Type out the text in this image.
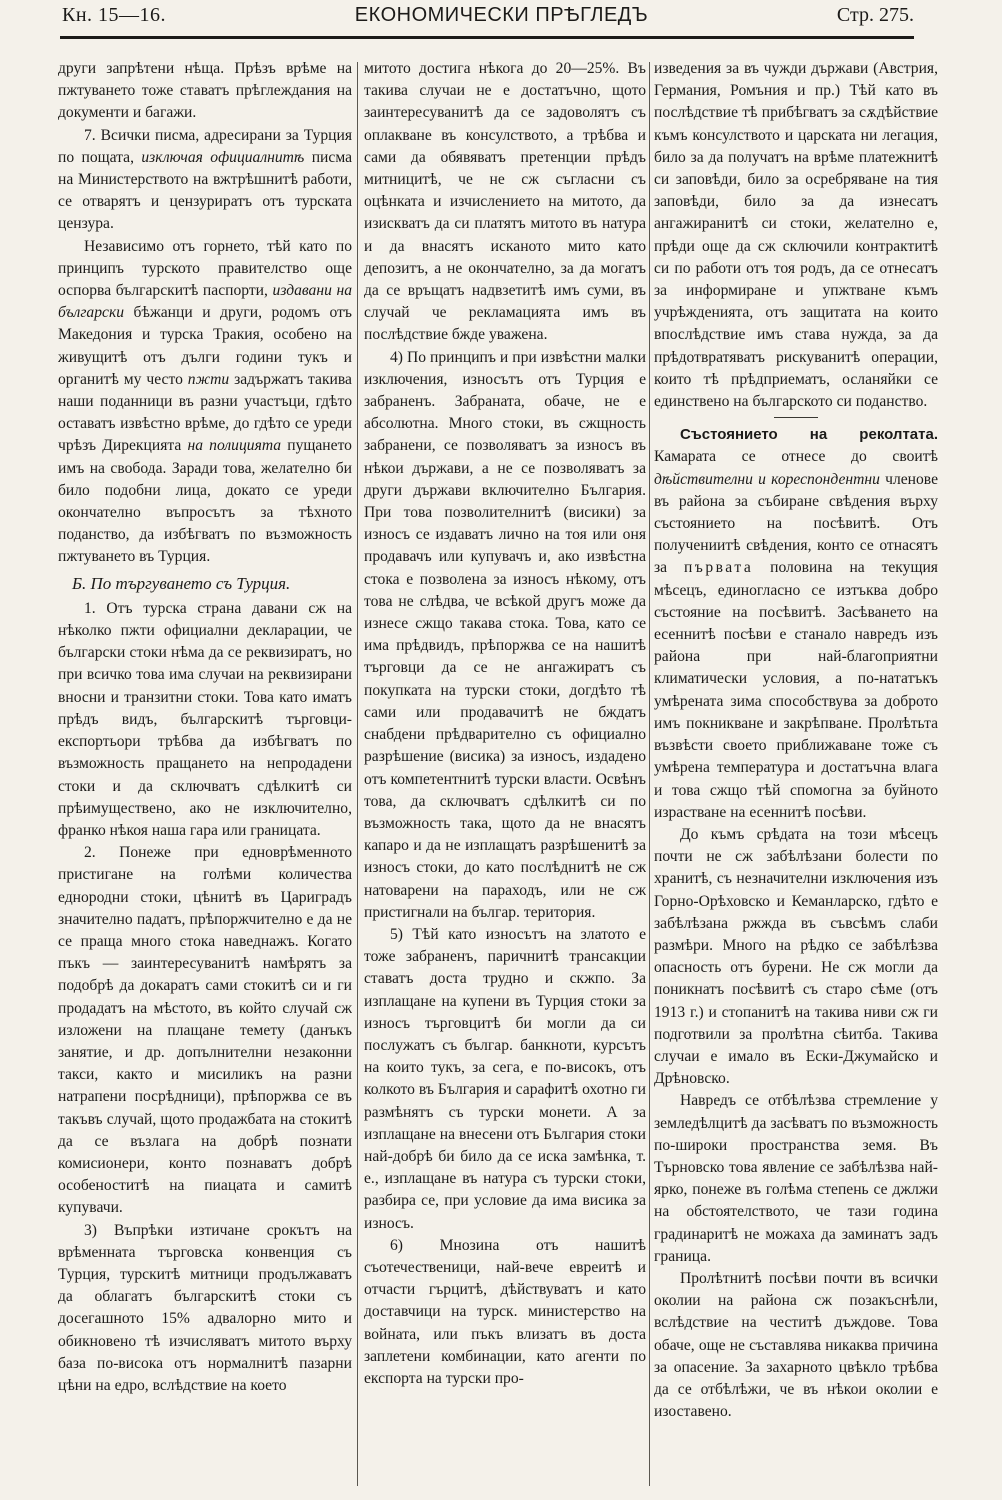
Кн. 15—16.	ЕКОНОМИЧЕСКИ ПРѢГЛЕДЪ	Стр. 275.

други запрѣтени нѣща. Прѣзъ врѣме на пжтуването тоже ставатъ прѣглеждания на документи и багажи.

7. Всички писма, адресирани за Турция по пощата, изключая официалнитѣ писма на Министерството на вжтрѣшнитѣ работи, се отварятъ и цензуриратъ отъ турската цензура.

Независимо отъ горнето, тѣй като по принципъ турското правителство още оспорва българскитѣ паспорти, издавани на български бѣжанци и други, родомъ отъ Македония и турска Тракия, особено на живущитѣ отъ дълги години тукъ и органитѣ му често пжти задържатъ такива наши поданници въ разни участъци, гдѣто оставатъ извѣстно врѣме, до гдѣто се уреди чрѣзъ Дирекцията на полицията пущането имъ на свобода. Заради това, желателно би било подобни лица, докато се уреди окончателно въпросътъ за тѣхното поданство, да избѣгватъ по възможность пжтуването въ Турция.

Б. По търгуването съ Турция.

1. Отъ турска страна давани сж на нѣколко пжти официални декларации, че български стоки нѣма да се реквизиратъ, но при всичко това има случаи на реквизирани вносни и транзитни стоки. Това като иматъ прѣдъ видъ, българскитѣ търговци-експортьори трѣбва да избѣгватъ по възможность пращането на непродадени стоки и да сключватъ сдѣлкитѣ си прѣимуществено, ако не изключително, франко нѣкоя наша гара или границата.

2. Понеже при едноврѣменното пристигане на голѣми количества еднородни стоки, цѣнитѣ въ Цариградъ значително падатъ, прѣпоржчително е да не се праща много стока наведнажъ. Когато пъкъ — заинтересуванитѣ намѣрятъ за подобрѣ да докаратъ сами стокитѣ си и ги продадатъ на мѣстото, въ който случай сж изложени на плащане темету (данъкъ занятие, и др. допълнителни незаконни такси, както и мисиликъ на разни натрапени посрѣдници), прѣпоржва се въ такъвъ случай, щото продажбата на стокитѣ да се възлага на добрѣ познати комисионери, конто познаватъ добрѣ особеноститѣ на пиацата и самитѣ купувачи.

3) Въпрѣки изтичане срокътъ на врѣменната търговска конвенция съ Турция, турскитѣ митници продължаватъ да облагатъ българскитѣ стоки съ досегашното 15% адвалорно мито и обикновено тѣ изчисляватъ митото върху база по-висока отъ нормалнитѣ пазарни цѣни на едро, вслѣдствие на което

митото достига нѣкога до 20—25%. Въ такива случаи не е достатъчно, щото заинтересуванитѣ да се задоволятъ съ оплакване въ консулството, а трѣбва и сами да обявяватъ претенции прѣдъ митницитѣ, че не сж съгласни съ оцѣнката и изчислението на митото, да изискватъ да си платятъ митото въ натура и да внасятъ исканото мито като депозитъ, а не окончателно, за да могатъ да се връщатъ надвзетитѣ имъ суми, въ случай че рекламацията имъ въ послѣдствие бжде уважена.

4) По принципъ и при извѣстни малки изключения, износътъ отъ Турция е забраненъ. Забраната, обаче, не е абсолютна. Много стоки, въ сжщность забранени, се позволяватъ за износъ въ нѣкои държави, а не се позволяватъ за други държави включително България. При това позволителнитѣ (висики) за износъ се издаватъ лично на тоя или оня продавачъ или купувачъ и, ако извѣстна стока е позволена за износъ нѣкому, отъ това не слѣдва, че всѣкой другъ може да изнесе сжщо такава стока. Това, като се има прѣдвидъ, прѣпоржва се на нашитѣ търговци да се не ангажиратъ съ покупката на турски стоки, догдѣто тѣ сами или продавачитѣ не бждатъ снабдени прѣдварително съ официално разрѣшение (висика) за износъ, издадено отъ компетентнитѣ турски власти. Освѣнъ това, да сключватъ сдѣлкитѣ си по възможность така, щото да не внасятъ капаро и да не изплащатъ разрѣшенитѣ за износъ стоки, до като послѣднитѣ не сж натоварени на параходъ, или не сж пристигнали на българ. територия.

5) Тѣй като износътъ на златото е тоже забраненъ, паричнитѣ трансакции ставатъ доста трудно и скжпо. За изплащане на купени въ Турция стоки за износъ търговцитѣ би могли да си послужатъ съ българ. банкноти, курсътъ на които тукъ, за сега, е по-високъ, отъ колкото въ България и сарафитѣ охотно ги размѣнятъ съ турски монети. А за изплащане на внесени отъ България стоки най-добрѣ би било да се иска замѣнка, т. е., изплащане въ натура съ турски стоки, разбира се, при условие да има висика за износъ.

6) Мнозина отъ нашитѣ съотечественици, най-вече евреитѣ и отчасти гърцитѣ, дѣйствуватъ и като доставчици на турск. министерство на войната, или пъкъ влизатъ въ доста заплетени комбинации, като агенти по експорта на турски про-

изведения за въ чужди държави (Австрия, Германия, Ромъния и пр.) Тѣй като въ послѣдствие тѣ прибѣгватъ за сѫдѣйствие къмъ консулството и царската ни легация, било за да получатъ на врѣме платежнитѣ си заповѣди, било за осребряване на тия заповѣди, било за да изнесатъ ангажиранитѣ си стоки, желателно е, прѣди още да сж сключили контрактитѣ си по работи отъ тоя родъ, да се отнесатъ за информиране и упжтване къмъ учрѣжденията, отъ защитата на които впослѣдствие имъ става нужда, за да прѣдотвратяватъ рискуванитѣ операции, които тѣ прѣдприематъ, осланяйки се единствено на българското си поданство.

Състоянието на реколтата. Камарата се отнесе до своитѣ дѣйствителни и кореспондентни членове въ района за събиране свѣдения върху състоянието на посѣвитѣ. Отъ получениитѣ свѣдения, конто се отнасятъ за първата половина на текущия мѣсецъ, единогласно се изтъква добро състояние на посѣвитѣ. Засѣването на есеннитѣ посѣви е станало навредъ изъ района при най-благоприятни климатически условия, а по-нататъкъ умѣрената зима способствува за доброто имъ покникване и закрѣпване. Пролѣтьта възвѣсти своето приближаване тоже съ умѣрена температура и достатъчна влага и това сжщо тѣй спомогна за буйното израстване на есеннитѣ посѣви.

До къмъ срѣдата на този мѣсецъ почти не сж забѣлѣзани болести по хранитѣ, съ незначителни изключения изъ Горно-Орѣховско и Кеманларско, гдѣто е забѣлѣзана ржжда въ съвсѣмъ слаби размѣри. Много на рѣдко се забѣлѣзва опасность отъ бурени. Не сж могли да поникнатъ посѣвитѣ съ старо сѣме (отъ 1913 г.) и стопанитѣ на такива ниви сж ги подготвили за пролѣтна сѣитба. Такива случаи е имало въ Ески-Джумайско и Дрѣновско.

Навредъ се отбѣлѣзва стремление у земледѣлцитѣ да засѣватъ по възможность по-широки пространства земя. Въ Търновско това явление се забѣлѣзва най-ярко, понеже въ голѣма степень се джлжи на обстоятелството, че тази година градинаритѣ не можаха да заминатъ задъ граница.

Пролѣтнитѣ посѣви почти въ всички околии на района сж позакъснѣли, вслѣдствие на честитѣ дъждове. Това обаче, още не съставлява никаква причина за опасение. За захарното цвѣкло трѣбва да се отбѣлѣжи, че въ нѣкои околии е изоставено.
